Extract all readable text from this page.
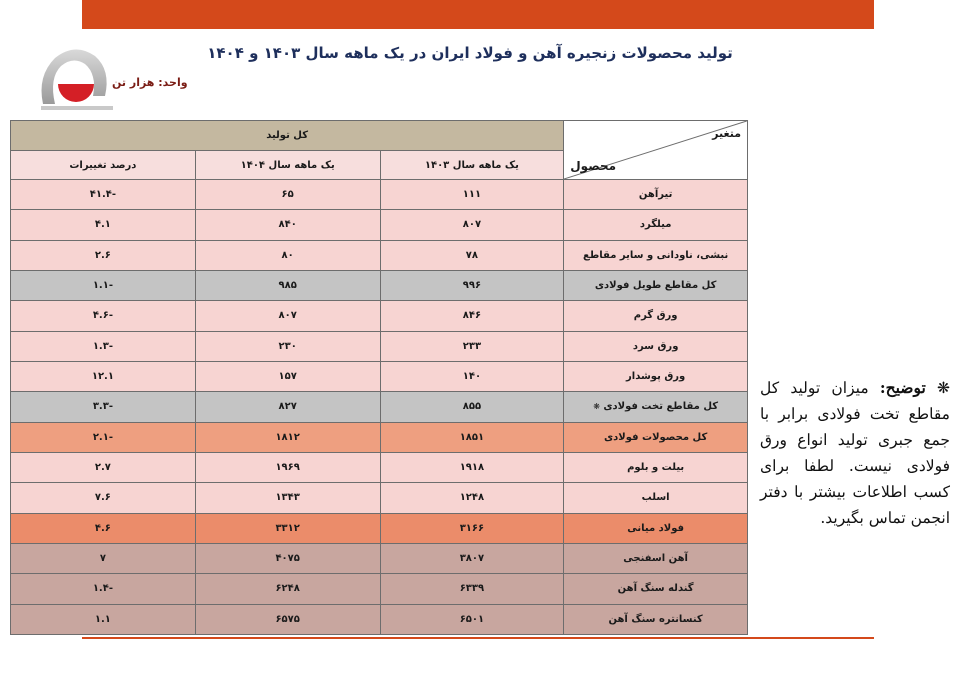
واحد: هزار تن
تولید محصولات زنجیره آهن و فولاد ایران در یک ماهه سال ۱۴۰۳ و ۱۴۰۴
متغیر
محصول	کل تولید		
	یک ماهه سال ۱۴۰۳	یک ماهه سال ۱۴۰۴	درصد تغییرات
تیرآهن	۱۱۱	۶۵	۴۱.۴-
میلگرد	۸۰۷	۸۴۰	۴.۱
نبشی، ناودانی و سایر مقاطع	۷۸	۸۰	۲.۶
کل مقاطع طویل فولادی	۹۹۶	۹۸۵	۱.۱-
ورق گرم	۸۴۶	۸۰۷	۴.۶-
ورق سرد	۲۳۳	۲۳۰	۱.۳-
ورق پوشدار	۱۴۰	۱۵۷	۱۲.۱
کل مقاطع تخت فولادی ❋	۸۵۵	۸۲۷	۳.۳-
کل محصولات فولادی	۱۸۵۱	۱۸۱۲	۲.۱-
بیلت و بلوم	۱۹۱۸	۱۹۶۹	۲.۷
اسلب	۱۲۴۸	۱۳۴۳	۷.۶
فولاد میانی	۳۱۶۶	۳۳۱۲	۴.۶
آهن اسفنجی	۳۸۰۷	۴۰۷۵	۷
گندله سنگ آهن	۶۳۳۹	۶۲۴۸	۱.۴-
کنسانتره سنگ آهن	۶۵۰۱	۶۵۷۵	۱.۱
❋ توضیح: میزان تولید کل مقاطع تخت فولادی برابر با جمع جبری تولید انواع ورق فولادی نیست. لطفا برای کسب اطلاعات بیشتر با دفتر انجمن تماس بگیرید.
